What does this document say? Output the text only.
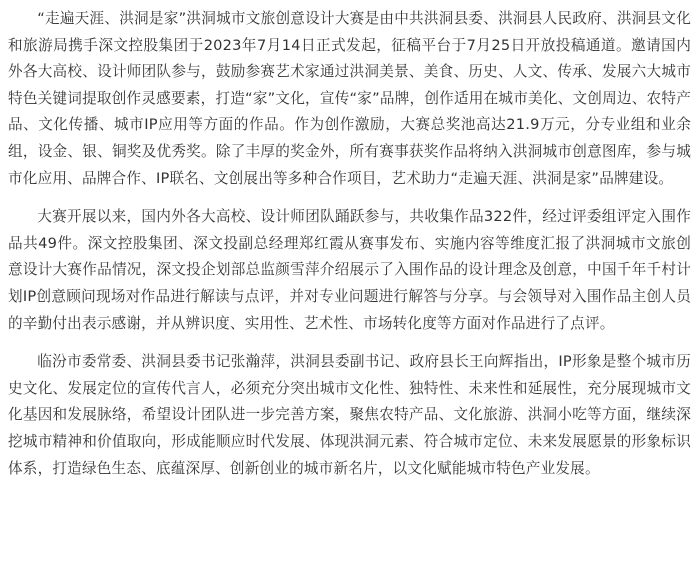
“走遍天涯、洪洞是家”洪洞城市文旅创意设计大赛是由中共洪洞县委、洪洞县人民政府、洪洞县文化和旅游局携手深文控股集团于2023年7月14日正式发起，征稿平台于7月25日开放投稿通道。邀请国内外各大高校、设计师团队参与，鼓励参赛艺术家通过洪洞美景、美食、历史、人文、传承、发展六大城市特色关键词提取创作灵感要素，打造“家”文化，宣传“家”品牌，创作适用在城市美化、文创周边、农特产品、文化传播、城市IP应用等方面的作品。作为创作激励，大赛总奖池高达21.9万元，分专业组和业余组，设金、银、铜奖及优秀奖。除了丰厚的奖金外，所有赛事获奖作品将纳入洪洞城市创意图库，参与城市化应用、品牌合作、IP联名、文创展出等多种合作项目，艺术助力“走遍天涯、洪洞是家”品牌建设。

大赛开展以来，国内外各大高校、设计师团队踊跃参与，共收集作品322件，经过评委组评定入围作品共49件。深文控股集团、深文投副总经理郑红霞从赛事发布、实施内容等维度汇报了洪洞城市文旅创意设计大赛作品情况，深文投企划部总监颜雪萍介绍展示了入围作品的设计理念及创意，中国千年千村计划IP创意顾问现场对作品进行解读与点评，并对专业问题进行解答与分享。与会领导对入围作品主创人员的辛勤付出表示感谢，并从辨识度、实用性、艺术性、市场转化度等方面对作品进行了点评。

临汾市委常委、洪洞县委书记张瀚萍，洪洞县委副书记、政府县长王向辉指出，IP形象是整个城市历史文化、发展定位的宣传代言人，必须充分突出城市文化性、独特性、未来性和延展性，充分展现城市文化基因和发展脉络，希望设计团队进一步完善方案，聚焦农特产品、文化旅游、洪洞小吃等方面，继续深挖城市精神和价值取向，形成能顺应时代发展、体现洪洞元素、符合城市定位、未来发展愿景的形象标识体系，打造绿色生态、底蕴深厚、创新创业的城市新名片，以文化赋能城市特色产业发展。
